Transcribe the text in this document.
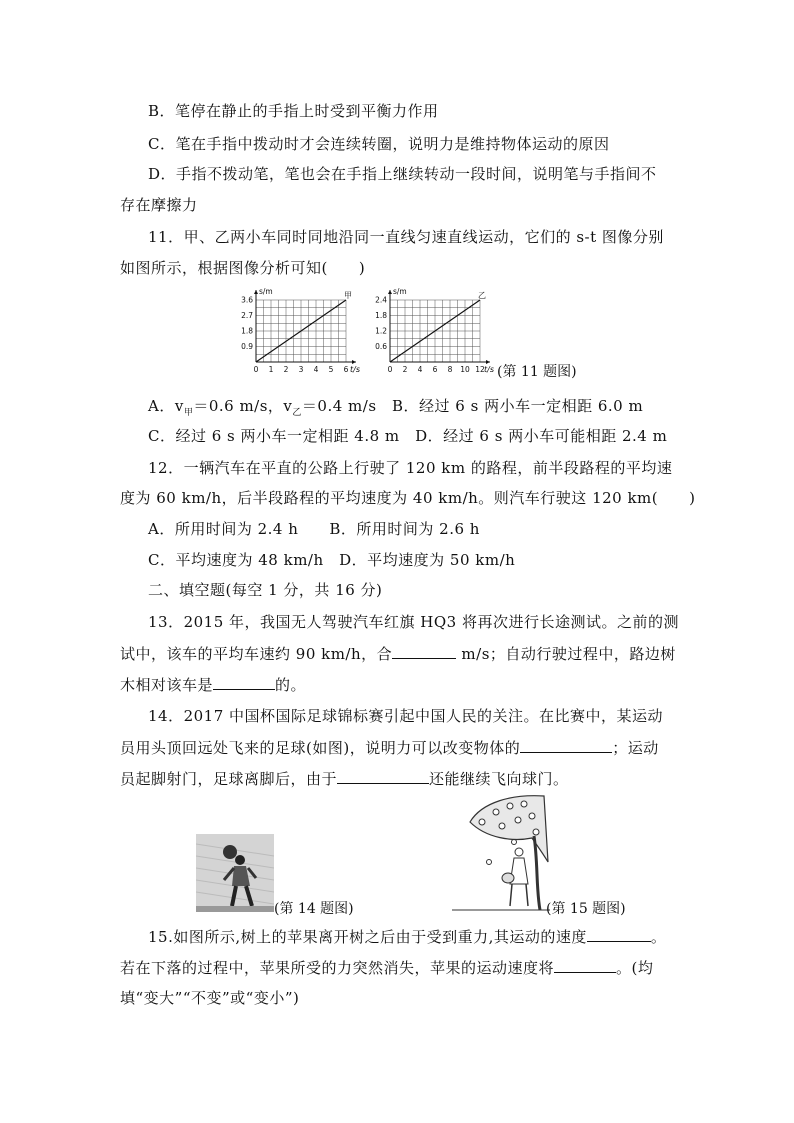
B．笔停在静止的手指上时受到平衡力作用
C．笔在手指中拨动时才会连续转圈，说明力是维持物体运动的原因
D．手指不拨动笔，笔也会在手指上继续转动一段时间，说明笔与手指间不
存在摩擦力
11．甲、乙两小车同时同地沿同一直线匀速直线运动，它们的 s-t 图像分别
如图所示，根据图像分析可知(　　)
0 1 2 3 4 5 6
0.9
1.8
2.7
3.6
t/s
s/m	甲
0 2 4 6 8 10 12
0.6
1.2
1.8
2.4
t/s
s/m	乙
(第 11 题图)
A．$v_甲=0.6$ m/s，$v_乙=0.4$ m/s　B．经过 6 s 两小车一定相距 6.0 m
C．经过 6 s 两小车一定相距 4.8 m　D．经过 6 s 两小车可能相距 2.4 m
12．一辆汽车在平直的公路上行驶了 120 km 的路程，前半段路程的平均速
度为 60 km/h，后半段路程的平均速度为 40 km/h。则汽车行驶这 120 km(　　)
A．所用时间为 2.4 h　　B．所用时间为 2.6 h
C．平均速度为 48 km/h　D．平均速度为 50 km/h
二、填空题(每空 1 分，共 16 分)
13．2015 年，我国无人驾驶汽车红旗 HQ3 将再次进行长途测试。之前的测
试中，该车的平均车速约 90 km/h，合	m/s；自动行驶过程中，路边树
木相对该车是	的。
14．2017 中国杯国际足球锦标赛引起中国人民的关注。在比赛中，某运动
员用头顶回远处飞来的足球(如图)，说明力可以改变物体的	；运动
员起脚射门，足球离脚后，由于	还能继续飞向球门。
(第 14 题图)	(第 15 题图)
15.如图所示,树上的苹果离开树之后由于受到重力,其运动的速度	。
若在下落的过程中，苹果所受的力突然消失，苹果的运动速度将	。(均
填“变大”“不变”或“变小”)
